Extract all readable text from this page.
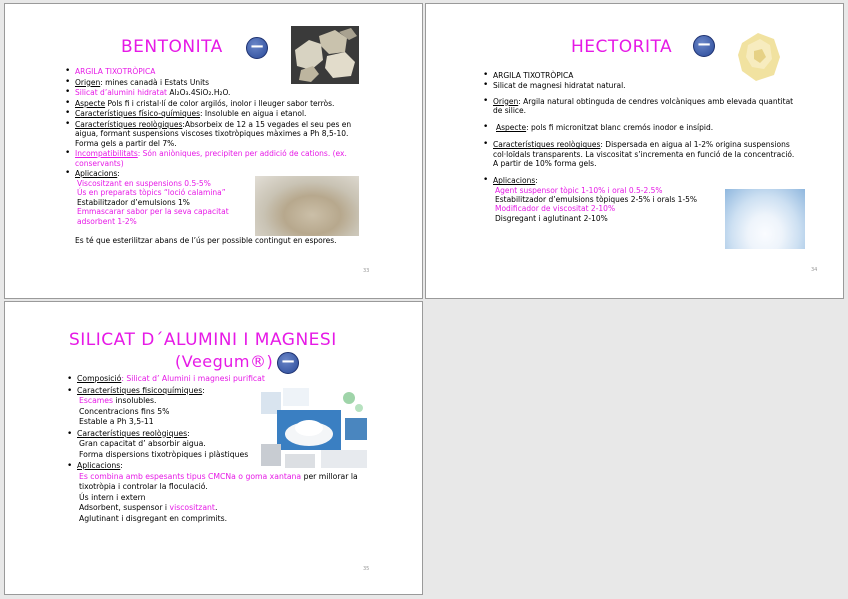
BENTONITA −
• ARGILA TIXOTRÒPICA
• Origen: mines canadà i Estats Units
• Silicat d’alumini hidratat Al₂O₃.4SiO₂.H₂O.
• Aspecte Pols fi i cristal·lí de color argilós, inolor i lleuger sabor terròs.
• Característiques físico-químiques: Insoluble en aigua i etanol.
• Característiques reològiques:Absorbeix de 12 a 15 vegades el seu pes en aigua, formant suspensions viscoses tixotròpiques màximes a Ph 8,5-10. Forma gels a partir del 7%.
• Incompatibilitats: Són aniòniques, precipiten per addició de cations. (ex. conservants)
• Aplicacions:
Viscositzant en suspensions 0.5-5%
Ús en preparats tòpics “loció calamina”
Estabilitzador d’emulsions 1%
Emmascarar sabor per la seva capacitat adsorbent 1-2%
Es té que esterilitzar abans de l’ús per possible contingut en espores.
33
HECTORITA −
• ARGILA TIXOTRÒPICA
• Silicat de magnesi hidratat natural.
• Origen: Argila natural obtinguda de cendres volcàniques amb elevada quantitat de silice.
• Aspecte: pols fi micronitzat blanc cremós inodor e insípid.
• Característiques reològiques: Dispersada en aigua al 1-2% origina suspensions col·loïdals transparents. La viscositat s’incrementa en funció de la concentració. A partir de 10% forma gels.
• Aplicacions:
Agent suspensor tòpic 1-10% i oral 0.5-2.5%
Estabilitzador d’emulsions tòpiques 2-5% i orals 1-5%
Modificador de viscositat 2-10%
Disgregant i aglutinant 2-10%
34
SILICAT D´ALUMINI I MAGNESI
(Veegum®) −
• Composició: Silicat d’ Alumini i magnesi purificat
• Característiques fisicoquímiques:
Escames insolubles.
Concentracions fins 5%
Estable a Ph 3,5-11
• Característiques reològiques:
Gran capacitat d’ absorbir aigua.
Forma dispersions tixotròpiques i plàstiques
• Aplicacions:
Es combina amb espesants tipus CMCNa o goma xantana per millorar la tixotròpia i controlar la floculació.
Ús intern i extern
Adsorbent, suspensor i viscositzant.
Aglutinant i disgregant en comprimits.
35
